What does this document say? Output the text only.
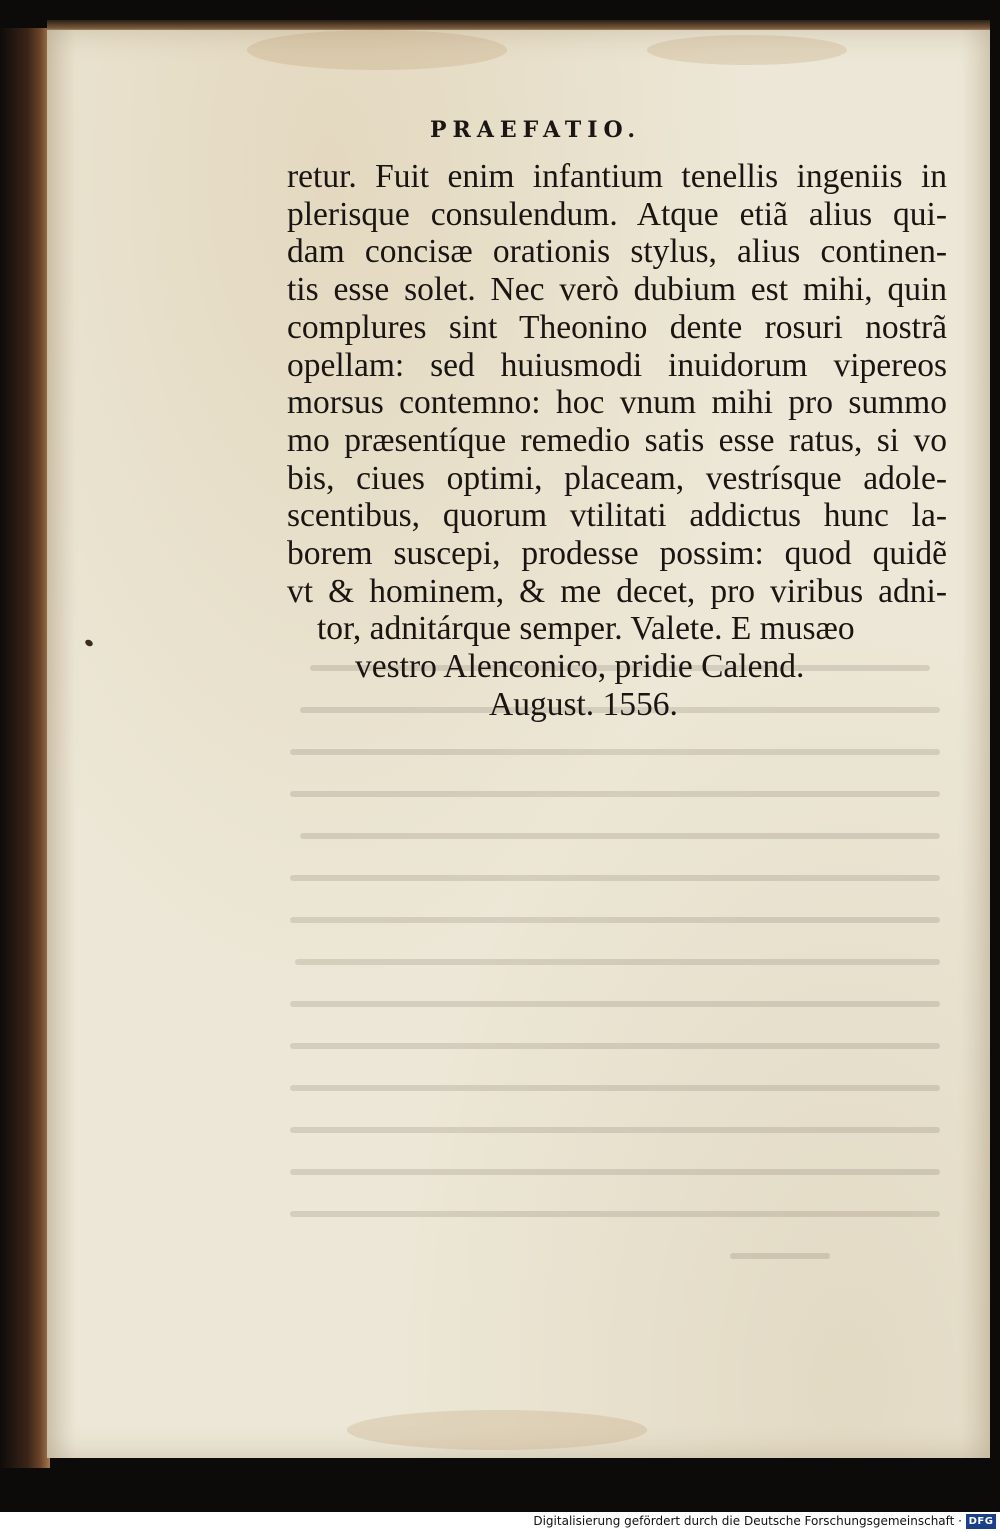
PRAEFATIO.
retur. Fuit enim infantium tenellis ingeniis in
plerisque consulendum. Atque etiã alius qui-
dam concisæ orationis stylus, alius continen-
tis esse solet. Nec verò dubium est mihi, quin
complures sint Theonino dente rosuri nostrã
opellam: sed huiusmodi inuidorum vipereos
morsus contemno: hoc vnum mihi pro summo
mo præsentíque remedio satis esse ratus, si vo
bis, ciues optimi, placeam, vestrísque adole-
scentibus, quorum vtilitati addictus hunc la-
borem suscepi, prodesse possim: quod quidẽ
vt & hominem, & me decet, pro viribus adni-
tor, adnitárque semper. Valete. E musæo
vestro Alenconico, pridie Calend.
August. 1556.
Digitalisierung gefördert durch die Deutsche Forschungsgemeinschaft · DFG
